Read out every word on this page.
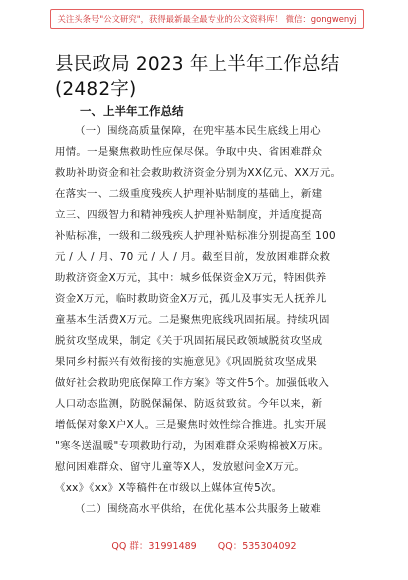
关注头条号"公文研究"，获得最新最全最专业的公文资料库！ 微信：gongwenyj
县民政局 2023 年上半年工作总结(2482字)
一、上半年工作总结
（一）围绕高质量保障，在兜牢基本民生底线上用心
用情。一是聚焦救助性应保尽保。争取中央、省困难群众
救助补助资金和社会救助救济资金分别为XX亿元、XX万元。
在落实一、二级重度残疾人护理补贴制度的基础上，新建
立三、四级智力和精神残疾人护理补贴制度，并适度提高
补贴标准，一级和二级残疾人护理补贴标准分别提高至 100
元 / 人 / 月、70 元 / 人 / 月。截至目前，发放困难群众救
助救济资金X万元，其中：城乡低保资金X万元，特困供养
资金X万元，临时救助资金X万元，孤儿及事实无人抚养儿
童基本生活费X万元。二是聚焦兜底线巩固拓展。持续巩固
脱贫攻坚成果，制定《关于巩固拓展民政领域脱贫攻坚成
果同乡村振兴有效衔接的实施意见》《巩固脱贫攻坚成果
做好社会救助兜底保障工作方案》等文件5个。加强低收入
人口动态监测，防脱保漏保、防返贫致贫。今年以来，新
增低保对象X户X人。三是聚焦时效性综合推进。扎实开展
"寒冬送温暖"专项救助行动，为困难群众采购棉被X万床。
慰问困难群众、留守儿童等X人，发放慰问金X万元。
《xx》《xx》X等稿件在市级以上媒体宣传5次。
（二）围绕高水平供给，在优化基本公共服务上破难
QQ 群：31991489 QQ：535304092
